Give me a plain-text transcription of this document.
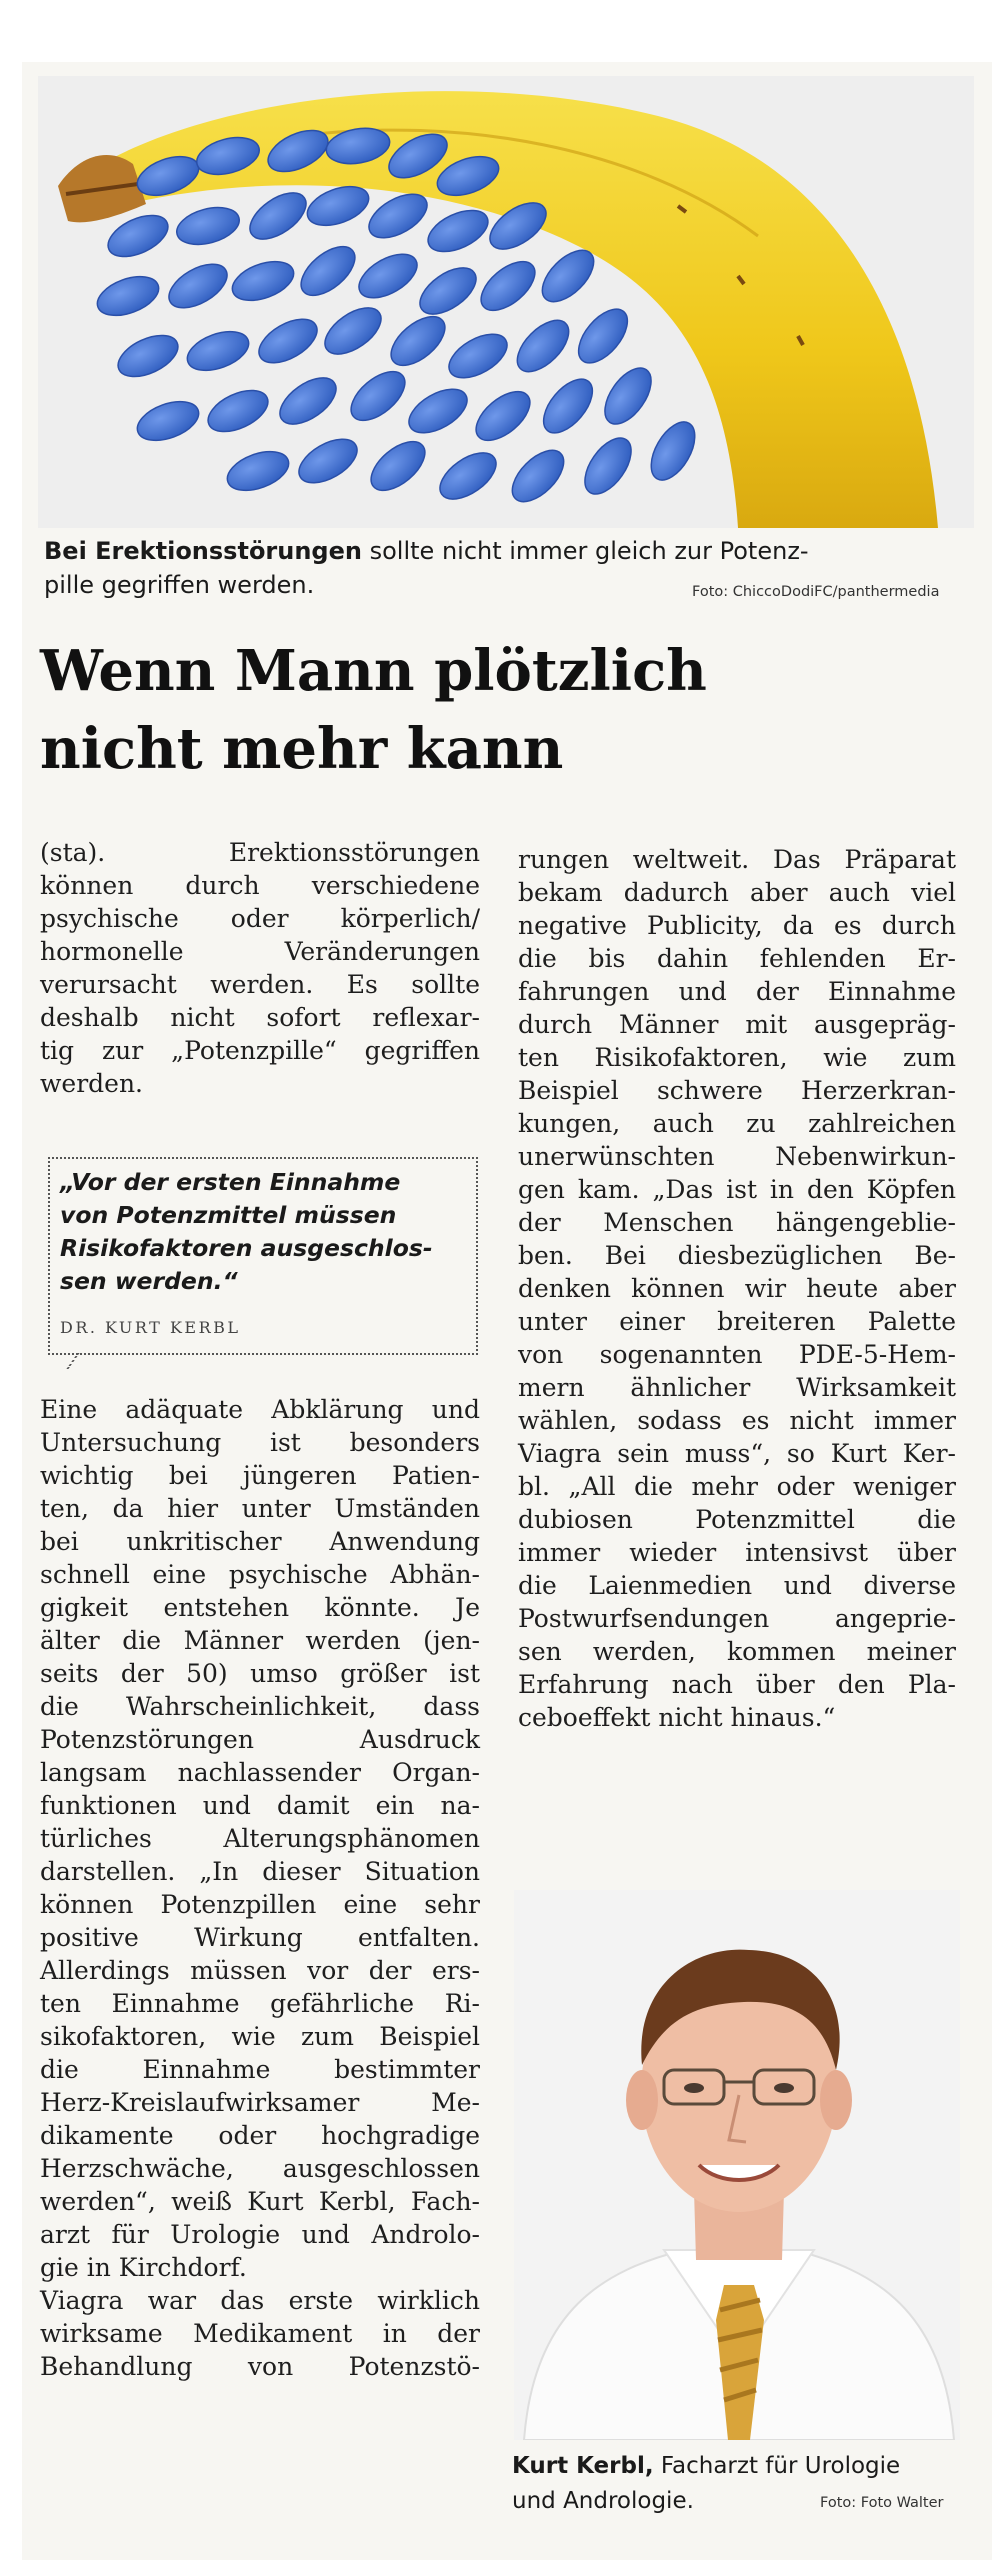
Bei Erektionsstörungen sollte nicht immer gleich zur Potenz-
pille gegriffen werden.	Foto: ChiccoDodiFC/panthermedia
Wenn Mann plötzlich
nicht mehr kann
(sta). Erektionsstörungen
können durch verschiedene
psychische oder körperlich/
hormonelle Veränderungen
verursacht werden. Es sollte
deshalb nicht sofort reflexar-
tig zur „Potenzpille“ gegriffen
werden.
„Vor der ersten Einnahme
von Potenzmittel müssen
Risikofaktoren ausgeschlos-
sen werden.“
DR. KURT KERBL
Eine adäquate Abklärung und
Untersuchung ist besonders
wichtig bei jüngeren Patien-
ten, da hier unter Umständen
bei unkritischer Anwendung
schnell eine psychische Abhän-
gigkeit entstehen könnte. Je
älter die Männer werden (jen-
seits der 50) umso größer ist
die Wahrscheinlichkeit, dass
Potenzstörungen Ausdruck
langsam nachlassender Organ-
funktionen und damit ein na-
türliches Alterungsphänomen
darstellen. „In dieser Situation
können Potenzpillen eine sehr
positive Wirkung entfalten.
Allerdings müssen vor der ers-
ten Einnahme gefährliche Ri-
sikofaktoren, wie zum Beispiel
die Einnahme bestimmter
Herz-Kreislaufwirksamer Me-
dikamente oder hochgradige
Herzschwäche, ausgeschlossen
werden“, weiß Kurt Kerbl, Fach-
arzt für Urologie und Androlo-
gie in Kirchdorf.
Viagra war das erste wirklich
wirksame Medikament in der
Behandlung von Potenzstö-
rungen weltweit. Das Präparat
bekam dadurch aber auch viel
negative Publicity, da es durch
die bis dahin fehlenden Er-
fahrungen und der Einnahme
durch Männer mit ausgepräg-
ten Risikofaktoren, wie zum
Beispiel schwere Herzerkran-
kungen, auch zu zahlreichen
unerwünschten Nebenwirkun-
gen kam. „Das ist in den Köpfen
der Menschen hängengeblie-
ben. Bei diesbezüglichen Be-
denken können wir heute aber
unter einer breiteren Palette
von sogenannten PDE-5-Hem-
mern ähnlicher Wirksamkeit
wählen, sodass es nicht immer
Viagra sein muss“, so Kurt Ker-
bl. „All die mehr oder weniger
dubiosen Potenzmittel die
immer wieder intensivst über
die Laienmedien und diverse
Postwurfsendungen angeprie-
sen werden, kommen meiner
Erfahrung nach über den Pla-
ceboeffekt nicht hinaus.“
Kurt Kerbl, Facharzt für Urologie
und Andrologie.	Foto: Foto Walter
